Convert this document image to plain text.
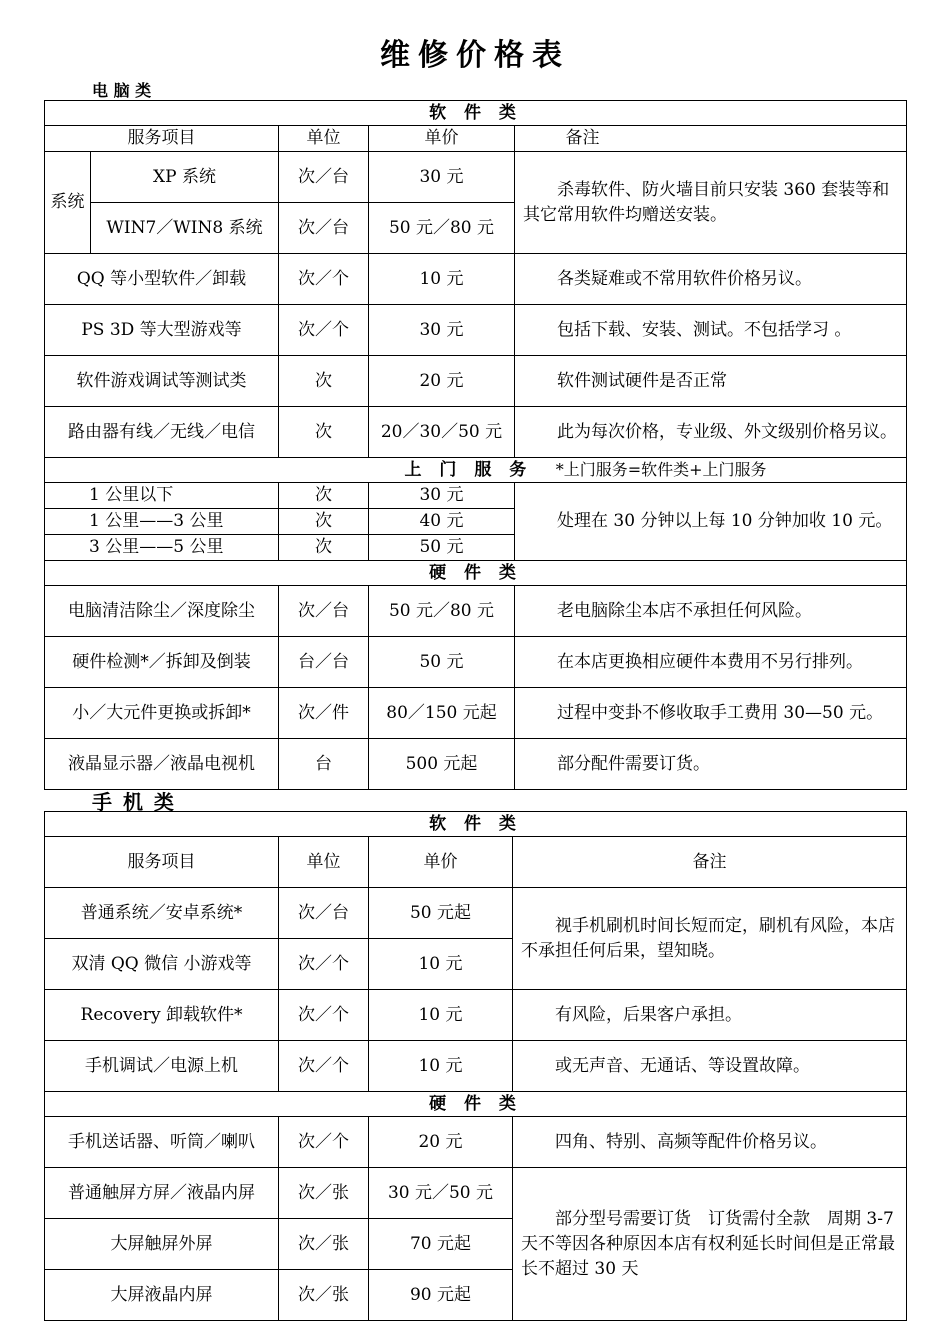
维修价格表
电 脑 类
软 件 类				
服务项目		单位	单价	备注
系统	XP 系统	次／台	30 元	杀毒软件、防火墙目前只安装 360 套装等和其它常用软件均赠送安装。
	WIN7／WIN8 系统	次／台	50 元／80 元	
QQ 等小型软件／卸载		次／个	10 元	各类疑难或不常用软件价格另议。
PS 3D 等大型游戏等		次／个	30 元	包括下载、安装、测试。不包括学习 。
软件游戏调试等测试类		次	20 元	软件测试硬件是否正常
路由器有线／无线／电信		次	20／30／50 元	此为每次价格，专业级、外文级别价格另议。
上 门 服 务 *上门服务=软件类+上门服务				
1 公里以下		次	30 元	处理在 30 分钟以上每 10 分钟加收 10 元。
1 公里——3 公里		次	40 元	
3 公里——5 公里		次	50 元	
硬 件 类				
电脑清洁除尘／深度除尘		次／台	50 元／80 元	老电脑除尘本店不承担任何风险。
硬件检测*／拆卸及倒装		台／台	50 元	在本店更换相应硬件本费用不另行排列。
小／大元件更换或拆卸*		次／件	80／150 元起	过程中变卦不修收取手工费用 30—50 元。
液晶显示器／液晶电视机		台	500 元起	部分配件需要订货。
手 机 类
软 件 类			
服务项目	单位	单价	备注
普通系统／安卓系统*	次／台	50 元起	视手机刷机时间长短而定，刷机有风险，本店不承担任何后果，望知晓。
双清 QQ 微信 小游戏等	次／个	10 元	
Recovery 卸载软件*	次／个	10 元	有风险，后果客户承担。
手机调试／电源上机	次／个	10 元	或无声音、无通话、等设置故障。
硬 件 类			
手机送话器、听筒／喇叭	次／个	20 元	四角、特别、高频等配件价格另议。
普通触屏方屏／液晶内屏	次／张	30 元／50 元	部分型号需要订货　订货需付全款　周期 3-7 天不等因各种原因本店有权利延长时间但是正常最长不超过 30 天
大屏触屏外屏	次／张	70 元起	
大屏液晶内屏	次／张	90 元起	
